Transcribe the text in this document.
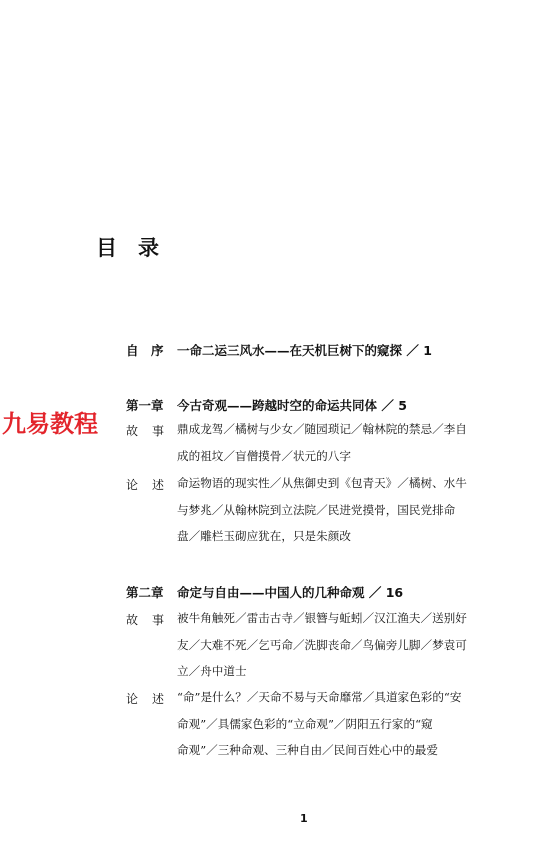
目　录
九易教程
自　序 一命二运三风水——在天机巨树下的窥探 ／ 1
第一章 今古奇观——跨越时空的命运共同体 ／ 5
故　事 鼎成龙驾／橘树与少女／随园琐记／翰林院的禁忌／李自
成的祖坟／盲僧摸骨／状元的八字
论　述 命运物语的现实性／从焦御史到《包青天》／橘树、水牛
与梦兆／从翰林院到立法院／民进党摸骨，国民党排命
盘／雕栏玉砌应犹在，只是朱颜改
第二章 命定与自由——中国人的几种命观 ／ 16
故　事 被牛角触死／雷击古寺／银簪与蚯蚓／汉江渔夫／送别好
友／大难不死／乞丐命／洗脚丧命／鸟偏旁儿脚／梦袁可
立／舟中道士
论　述 “命”是什么？／天命不易与天命靡常／具道家色彩的“安
命观”／具儒家色彩的“立命观”／阴阳五行家的“窥
命观”／三种命观、三种自由／民间百姓心中的最爱
1
